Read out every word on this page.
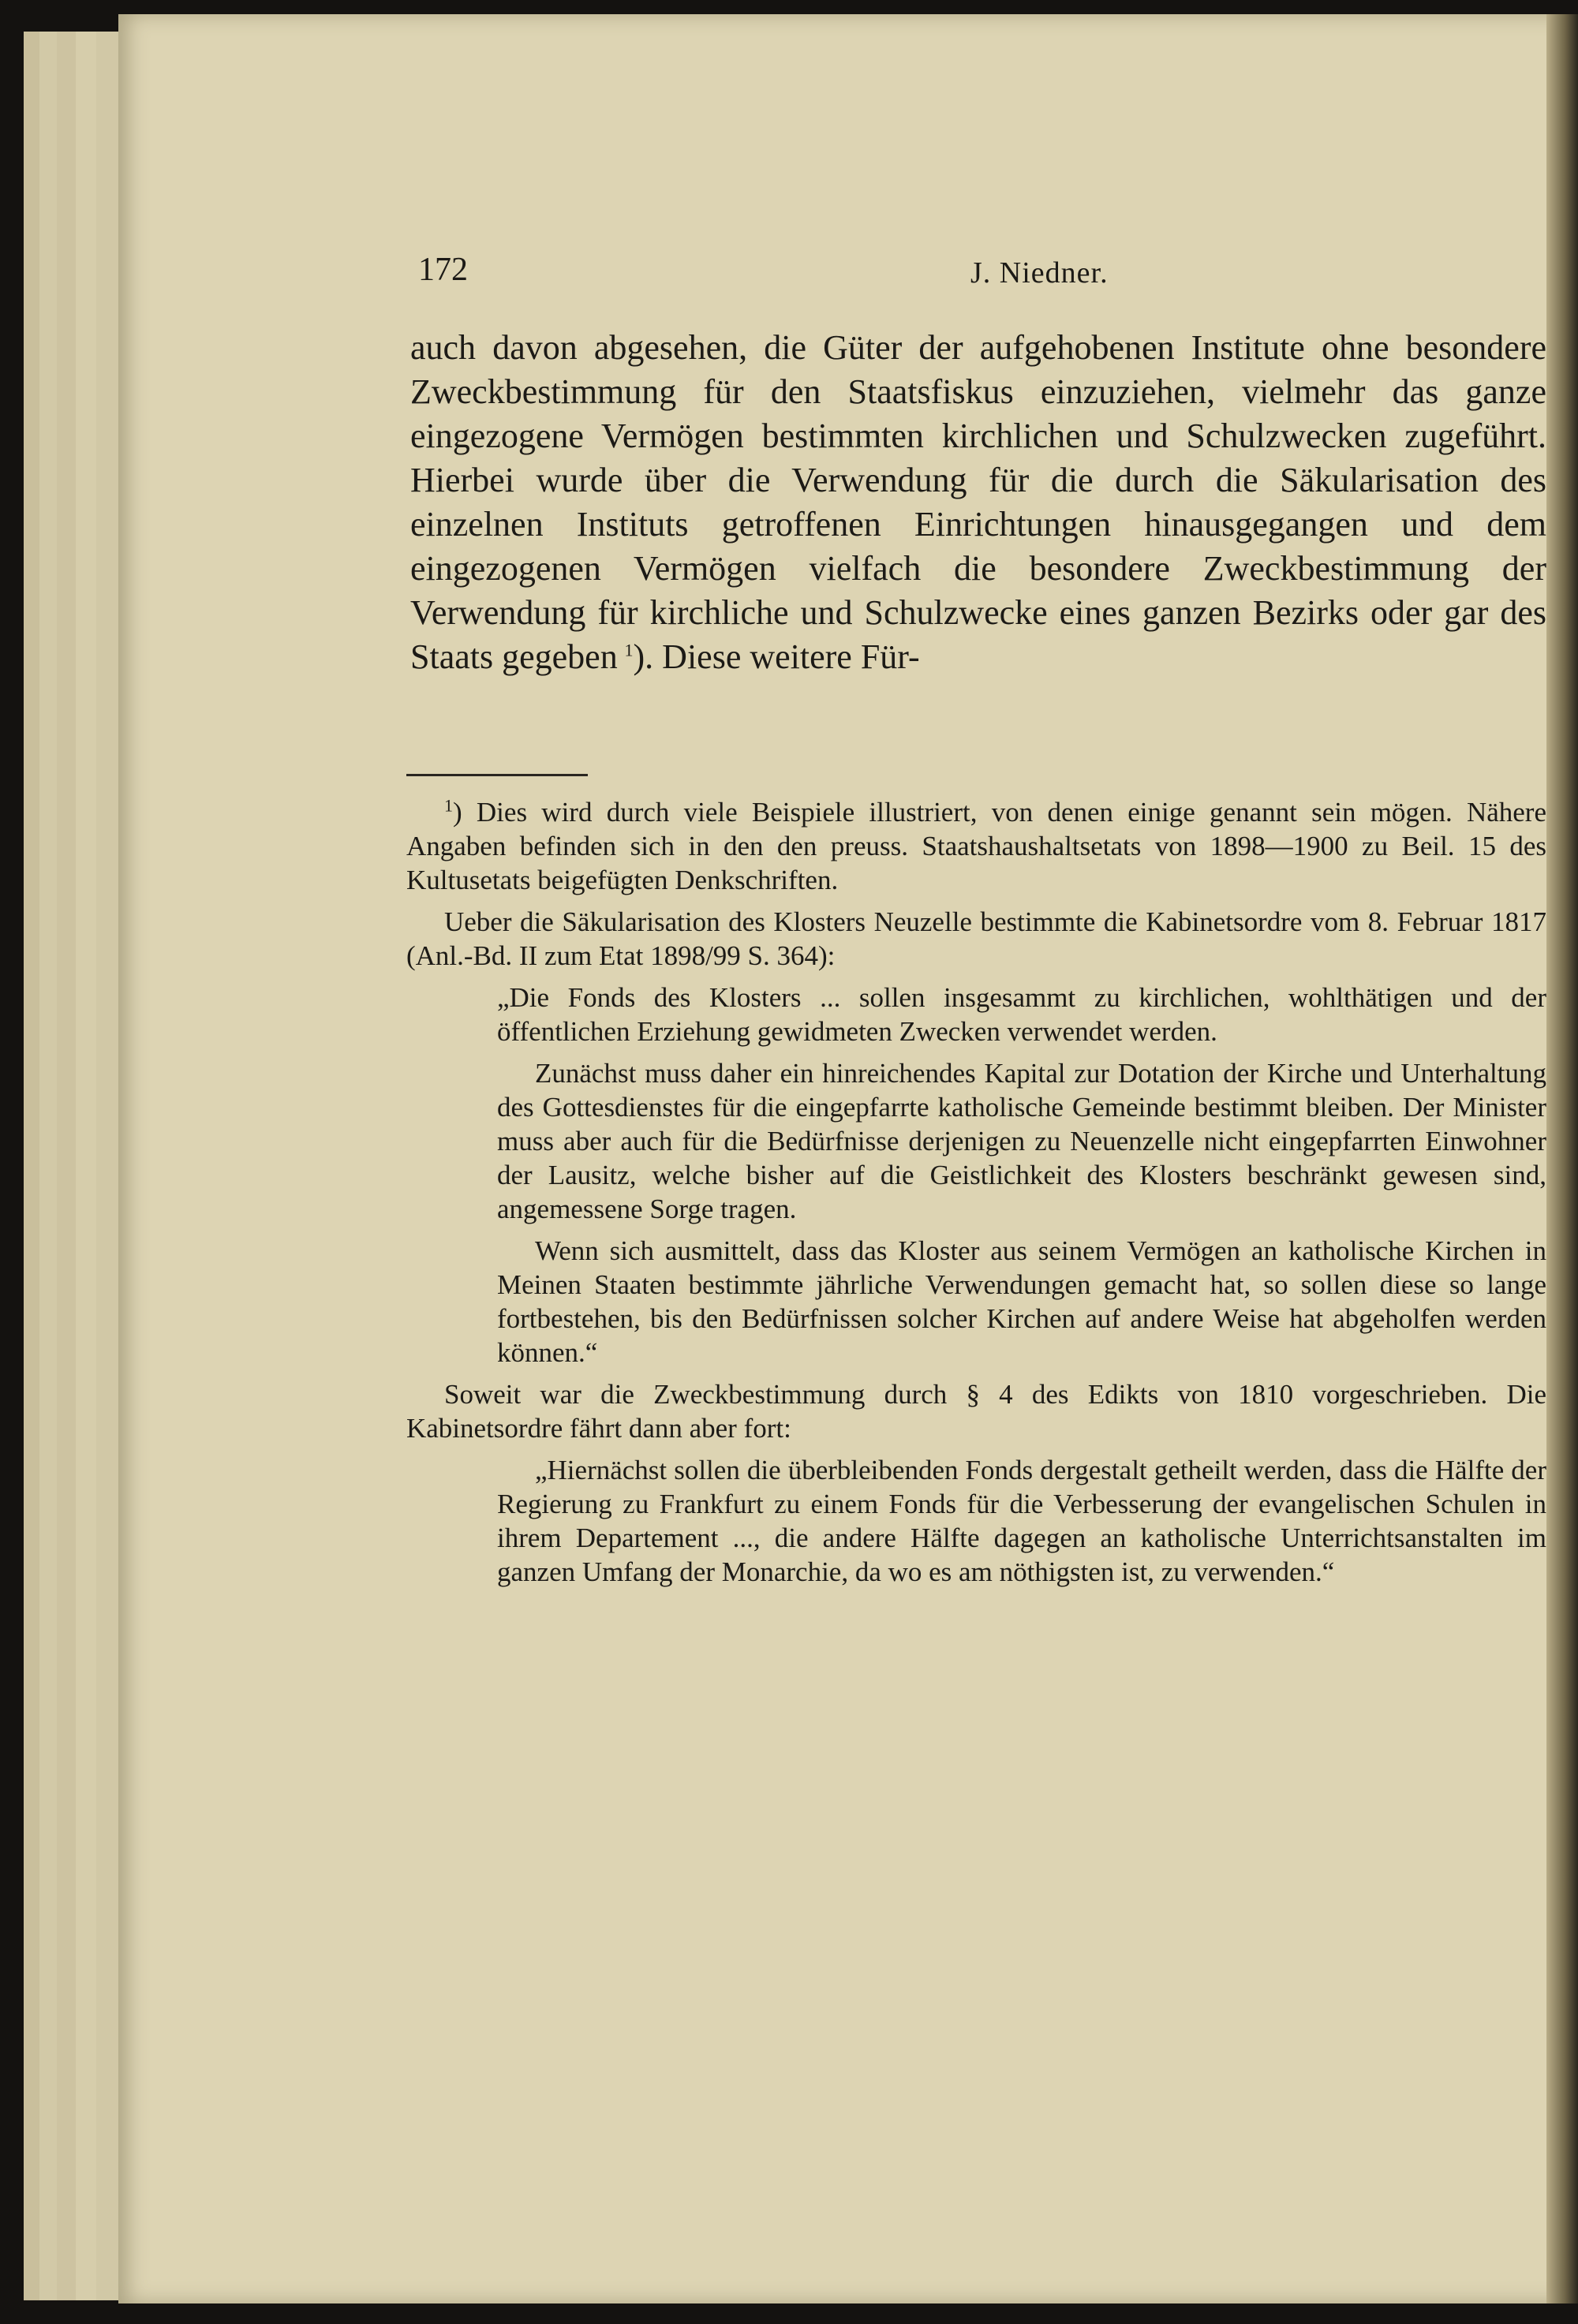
172	J. Niedner.

auch davon abgesehen, die Güter der aufgehobenen Institute ohne besondere Zweckbestimmung für den Staatsfiskus einzuziehen, vielmehr das ganze eingezogene Vermögen bestimmten kirchlichen und Schulzwecken zugeführt. Hierbei wurde über die Verwendung für die durch die Säkularisation des einzelnen Instituts getroffenen Einrichtungen hinausgegangen und dem eingezogenen Vermögen vielfach die besondere Zweckbestimmung der Verwendung für kirchliche und Schulzwecke eines ganzen Bezirks oder gar des Staats gegeben  $^1$). Diese weitere Für-

$^1$) Dies wird durch viele Beispiele illustriert, von denen einige genannt sein mögen. Nähere Angaben befinden sich in den den preuss. Staatshaushaltsetats von 1898—1900 zu Beil. 15 des Kultusetats beigefügten Denkschriften.

Ueber die Säkularisation des Klosters Neuzelle bestimmte die Kabinetsordre vom 8. Februar 1817 (Anl.-Bd. II zum Etat 1898/99 S. 364):

„Die Fonds des Klosters ... sollen insgesammt zu kirchlichen, wohlthätigen und der öffentlichen Erziehung gewidmeten Zwecken verwendet werden.

Zunächst muss daher ein hinreichendes Kapital zur Dotation der Kirche und Unterhaltung des Gottesdienstes für die eingepfarrte katholische Gemeinde bestimmt bleiben. Der Minister muss aber auch für die Bedürfnisse derjenigen zu Neuenzelle nicht eingepfarrten Einwohner der Lausitz, welche bisher auf die Geistlichkeit des Klosters beschränkt gewesen sind, angemessene Sorge tragen.

Wenn sich ausmittelt, dass das Kloster aus seinem Vermögen an katholische Kirchen in Meinen Staaten bestimmte jährliche Verwendungen gemacht hat, so sollen diese so lange fortbestehen, bis den Bedürfnissen solcher Kirchen auf andere Weise hat abgeholfen werden können.“

Soweit war die Zweckbestimmung durch § 4 des Edikts von 1810 vorgeschrieben. Die Kabinetsordre fährt dann aber fort:

„Hiernächst sollen die überbleibenden Fonds dergestalt getheilt werden, dass die Hälfte der Regierung zu Frankfurt zu einem Fonds für die Verbesserung der evangelischen Schulen in ihrem Departement ..., die andere Hälfte dagegen an katholische Unterrichtsanstalten im ganzen Umfang der Monarchie, da wo es am nöthigsten ist, zu verwenden.“
